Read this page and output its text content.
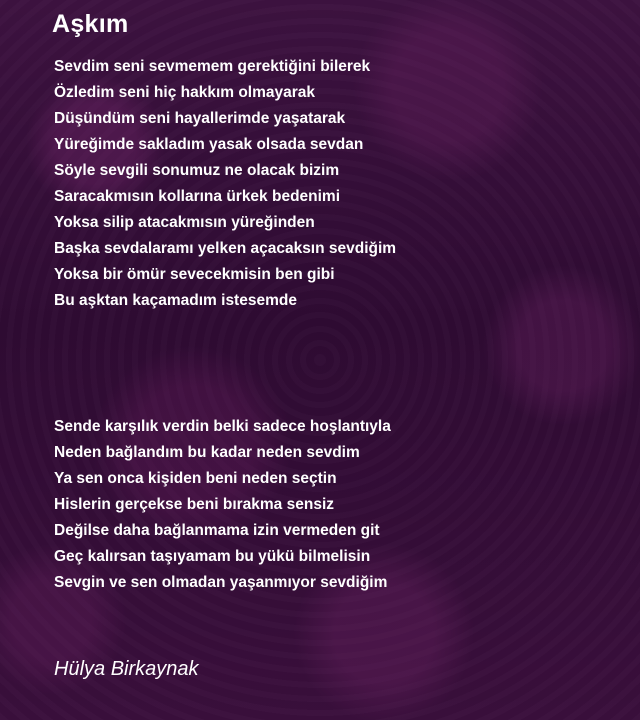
Aşkım
Sevdim seni sevmemem gerektiğini bilerek
Özledim seni hiç hakkım olmayarak
Düşündüm seni hayallerimde yaşatarak
Yüreğimde sakladım yasak olsada sevdan
Söyle sevgili sonumuz ne olacak bizim
Saracakmısın kollarına ürkek bedenimi
Yoksa silip atacakmısın yüreğinden
Başka sevdalaramı yelken açacaksın sevdiğim
Yoksa bir ömür sevecekmisin ben gibi
Bu aşktan kaçamadım istesemde
Sende karşılık verdin belki sadece hoşlantıyla
Neden bağlandım bu kadar neden sevdim
Ya sen onca kişiden beni neden seçtin
Hislerin gerçekse beni bırakma sensiz
Değilse daha bağlanmama izin vermeden git
Geç kalırsan taşıyamam bu yükü bilmelisin
Sevgin ve sen olmadan yaşanmıyor sevdiğim

Hülya Birkaynak
